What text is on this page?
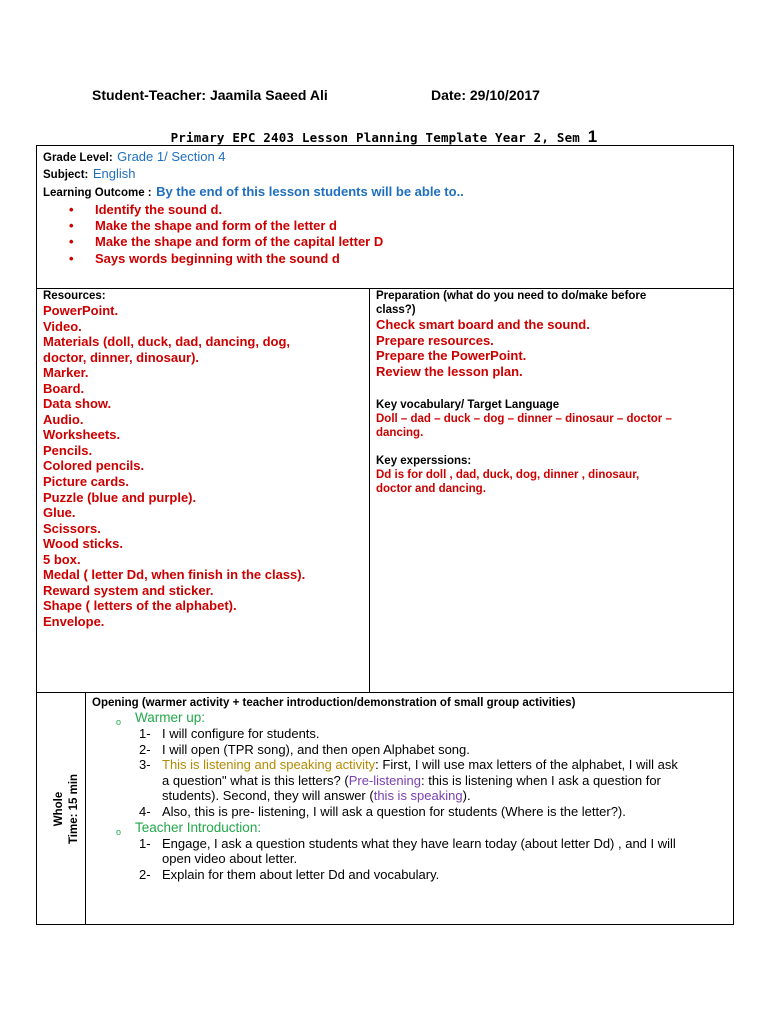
Student-Teacher: Jaamila Saeed Ali	Date: 29/10/2017
Primary EPC 2403 Lesson Planning Template Year 2, Sem 1
Grade Level: Grade 1/ Section 4
Subject: English
Learning Outcome : By the end of this lesson students will be able to..
• Identify the sound d.
• Make the shape and form of the letter d
• Make the shape and form of the capital letter D
• Says words beginning with the sound d
Resources:
PowerPoint.
Video.
Materials (doll, duck, dad, dancing, dog,
doctor, dinner, dinosaur).
Marker.
Board.
Data show.
Audio.
Worksheets.
Pencils.
Colored pencils.
Picture cards.
Puzzle (blue and purple).
Glue.
Scissors.
Wood sticks.
5 box.
Medal ( letter Dd, when finish in the class).
Reward system and sticker.
Shape ( letters of the alphabet).
Envelope.
Preparation (what do you need to do/make before
class?)
Check smart board and the sound.
Prepare resources.
Prepare the PowerPoint.
Review the lesson plan.
Key vocabulary/ Target Language
Doll – dad – duck – dog – dinner – dinosaur – doctor –
dancing.
Key experssions:
Dd is for doll , dad, duck, dog, dinner , dinosaur,
doctor and dancing.
Whole Time: 15 min
Opening (warmer activity + teacher introduction/demonstration of small group activities)
o Warmer up:
1- I will configure for students.
2- I will open (TPR song), and then open Alphabet song.
3- This is listening and speaking activity: First, I will use max letters of the alphabet, I will ask
a question" what is this letters? (Pre-listening: this is listening when I ask a question for
students). Second, they will answer (this is speaking).
4- Also, this is pre- listening, I will ask a question for students (Where is the letter?).
o Teacher Introduction:
1- Engage, I ask a question students what they have learn today (about letter Dd) , and I will
open video about letter.
2- Explain for them about letter Dd and vocabulary.
